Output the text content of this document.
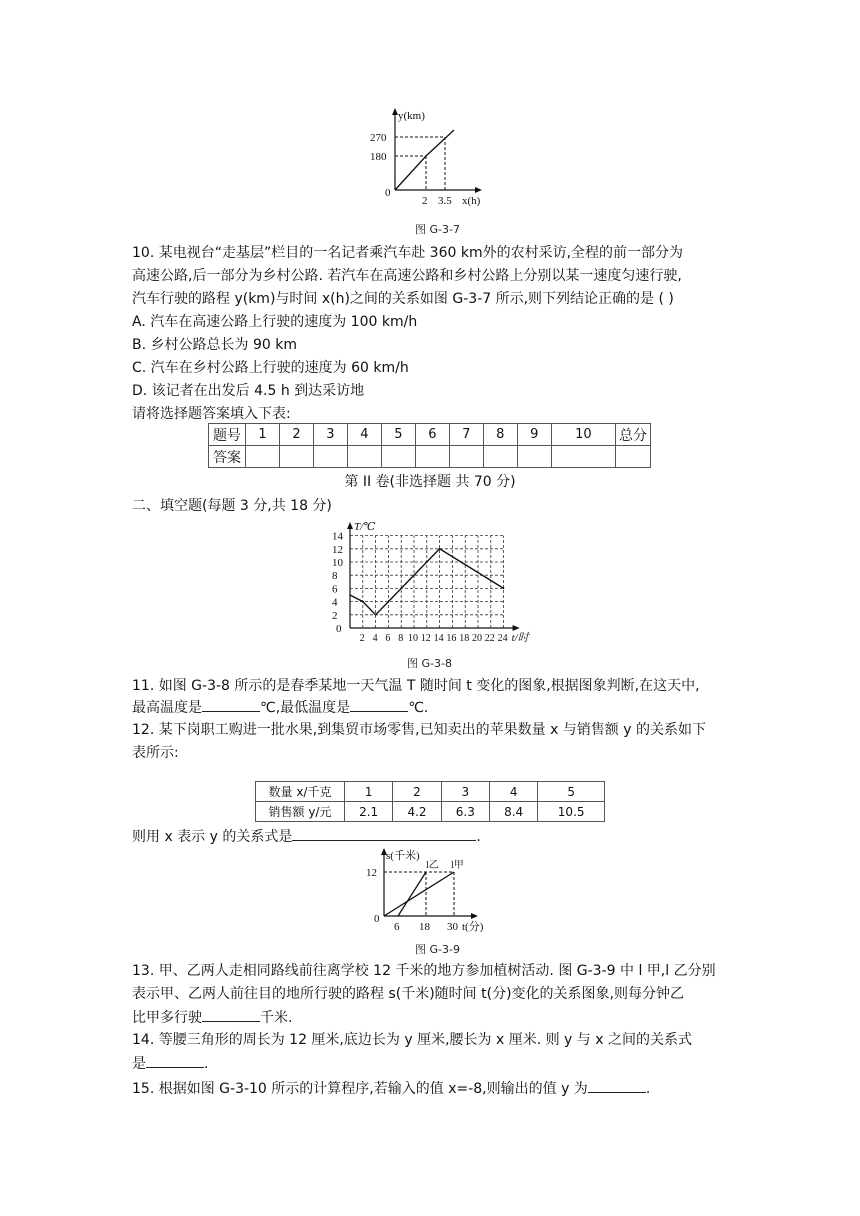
y(km)
270
180
0
2 3.5 x(h)
图 G-3-7
10. 某电视台“走基层”栏目的一名记者乘汽车赴 360 km外的农村采访,全程的前一部分为
高速公路,后一部分为乡村公路. 若汽车在高速公路和乡村公路上分别以某一速度匀速行驶,
汽车行驶的路程 y(km)与时间 x(h)之间的关系如图 G-3-7 所示,则下列结论正确的是 ( )
A. 汽车在高速公路上行驶的速度为 100 km/h
B. 乡村公路总长为 90 km
C. 汽车在乡村公路上行驶的速度为 60 km/h
D. 该记者在出发后 4.5 h 到达采访地
请将选择题答案填入下表:
题号	1	2	3	4	5	6	7	8	9	10	总分
答案											
第 II 卷(非选择题 共 70 分)
二、填空题(每题 3 分,共 18 分)
14
12
10
8
6
4
2
2 4 6 8 10 12 14 16 18 20 22 24
0
T/℃
t/时
图 G-3-8
11. 如图 G-3-8 所示的是春季某地一天气温 T 随时间 t 变化的图象,根据图象判断,在这天中,
最高温度是	℃,最低温度是	℃.
12. 某下岗职工购进一批水果,到集贸市场零售,已知卖出的苹果数量 x 与销售额 y 的关系如下
表所示:
数量 x/千克	1	2	3	4	5
销售额 y/元	2.1	4.2	6.3	8.4	10.5
则用 x 表示 y 的关系式是	.
s(千米)
12
0
6 18 30 t(分)
l乙 l甲
图 G-3-9
13. 甲、乙两人走相同路线前往离学校 12 千米的地方参加植树活动. 图 G-3-9 中 l 甲,l 乙分别
表示甲、乙两人前往目的地所行驶的路程 s(千米)随时间 t(分)变化的关系图象,则每分钟乙
比甲多行驶	千米.
14. 等腰三角形的周长为 12 厘米,底边长为 y 厘米,腰长为 x 厘米. 则 y 与 x 之间的关系式
是	.
15. 根据如图 G-3-10 所示的计算程序,若输入的值 x=-8,则输出的值 y 为	.
